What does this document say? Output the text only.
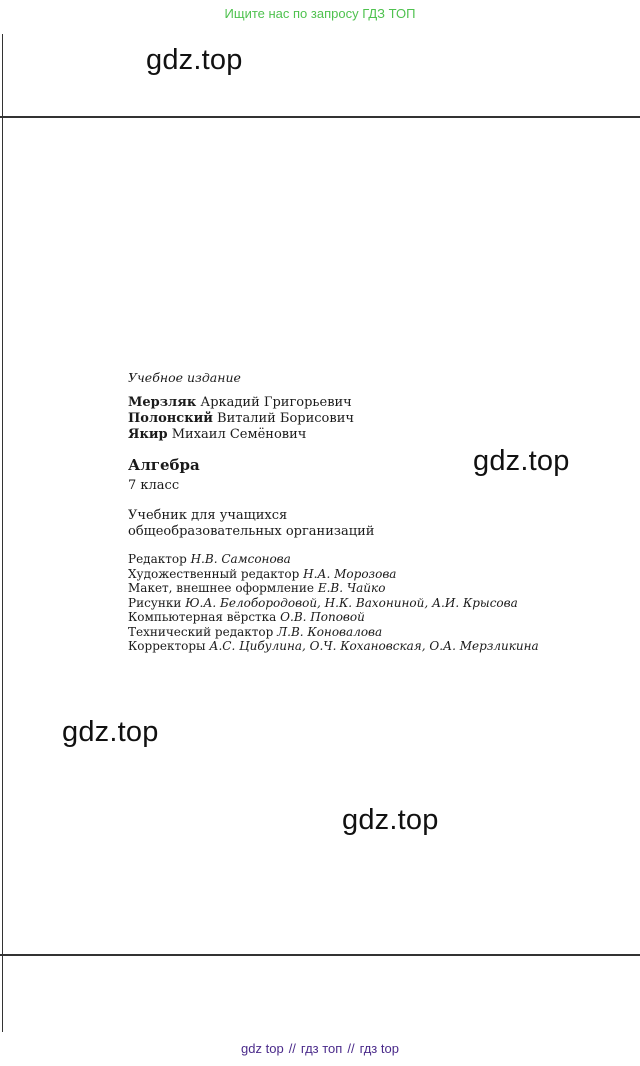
Ищите нас по запросу ГДЗ ТОП
gdz.top
gdz.top
gdz.top
gdz.top
Учебное издание
Мерзляк Аркадий Григорьевич
Полонский Виталий Борисович
Якир Михаил Семёнович
Алгебра
7 класс
Учебник для учащихся
общеобразовательных организаций
Редактор Н.В. Самсонова
Художественный редактор Н.А. Морозова
Макет, внешнее оформление Е.В. Чайко
Рисунки Ю.А. Белобородовой, Н.К. Вахониной, А.И. Крысова
Компьютерная вёрстка О.В. Поповой
Технический редактор Л.В. Коновалова
Корректоры А.С. Цибулина, О.Ч. Кохановская, О.А. Мерзликина
gdz top // гдз топ // гдз top
